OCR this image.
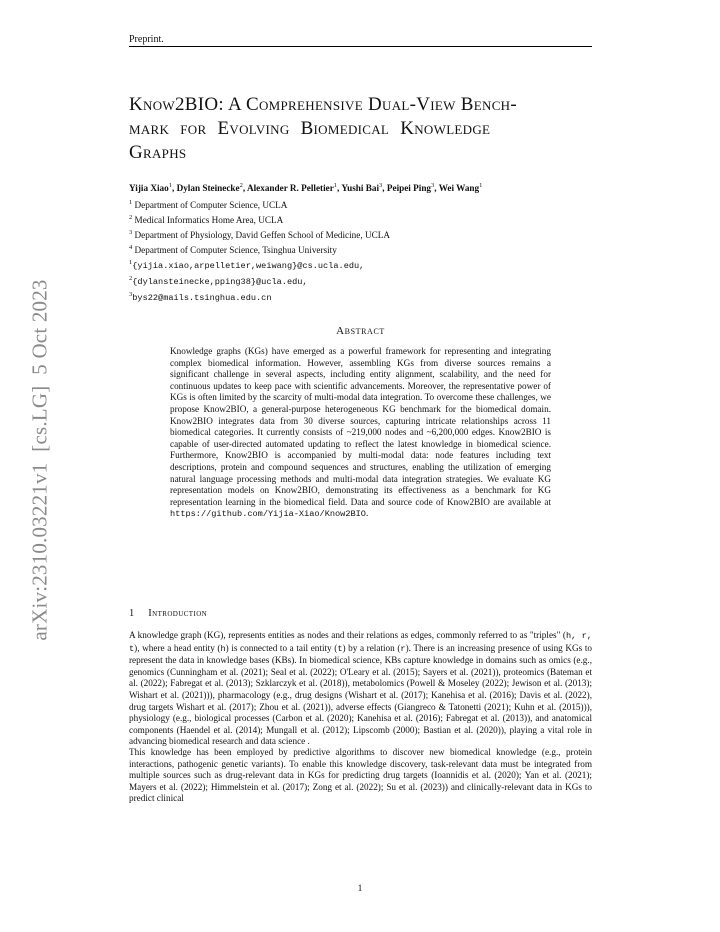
Preprint.
arXiv:2310.03221v1  [cs.LG]  5 Oct 2023
Know2BIO: A Comprehensive Dual-View Bench-
mark for Evolving Biomedical Knowledge
Graphs
Yijia Xiao$^1$, Dylan Steinecke$^2$, Alexander R. Pelletier$^1$, Yushi Bai$^3$, Peipei Ping$^3$, Wei Wang$^1$
$^1$ Department of Computer Science, UCLA
$^2$ Medical Informatics Home Area, UCLA
$^3$ Department of Physiology, David Geffen School of Medicine, UCLA
$^4$ Department of Computer Science, Tsinghua University
$^1${yijia.xiao,arpelletier,weiwang}@cs.ucla.edu,
$^2${dylansteinecke,pping38}@ucla.edu,
$^3$bys22@mails.tsinghua.edu.cn
Abstract
Knowledge graphs (KGs) have emerged as a powerful framework for representing and integrating complex biomedical information. However, assembling KGs from diverse sources remains a significant challenge in several aspects, including entity alignment, scalability, and the need for continuous updates to keep pace with scientific advancements. Moreover, the representative power of KGs is often limited by the scarcity of multi-modal data integration. To overcome these challenges, we propose Know2BIO, a general-purpose heterogeneous KG benchmark for the biomedical domain. Know2BIO integrates data from 30 diverse sources, capturing intricate relationships across 11 biomedical categories. It currently consists of ~219,000 nodes and ~6,200,000 edges. Know2BIO is capable of user-directed automated updating to reflect the latest knowledge in biomedical science. Furthermore, Know2BIO is accompanied by multi-modal data: node features including text descriptions, protein and compound sequences and structures, enabling the utilization of emerging natural language processing methods and multi-modal data integration strategies. We evaluate KG representation models on Know2BIO, demonstrating its effectiveness as a benchmark for KG representation learning in the biomedical field. Data and source code of Know2BIO are available at https://github.com/Yijia-Xiao/Know2BIO.
1 Introduction

A knowledge graph (KG), represents entities as nodes and their relations as edges, commonly referred to as "triples" (h, r, t), where a head entity (h) is connected to a tail entity (t) by a relation (r). There is an increasing presence of using KGs to represent the data in knowledge bases (KBs). In biomedical science, KBs capture knowledge in domains such as omics (e.g., genomics (Cunningham et al. (2021); Seal et al. (2022); O'Leary et al. (2015); Sayers et al. (2021)), proteomics (Bateman et al. (2022); Fabregat et al. (2013); Szklarczyk et al. (2018)), metabolomics (Powell & Moseley (2022); Jewison et al. (2013); Wishart et al. (2021))), pharmacology (e.g., drug designs (Wishart et al. (2017); Kanehisa et al. (2016); Davis et al. (2022), drug targets Wishart et al. (2017); Zhou et al. (2021)), adverse effects (Giangreco & Tatonetti (2021); Kuhn et al. (2015))), physiology (e.g., biological processes (Carbon et al. (2020); Kanehisa et al. (2016); Fabregat et al. (2013)), and anatomical components (Haendel et al. (2014); Mungall et al. (2012); Lipscomb (2000); Bastian et al. (2020)), playing a vital role in advancing biomedical research and data science .

This knowledge has been employed by predictive algorithms to discover new biomedical knowledge (e.g., protein interactions, pathogenic genetic variants). To enable this knowledge discovery, task-relevant data must be integrated from multiple sources such as drug-relevant data in KGs for predicting drug targets (Ioannidis et al. (2020); Yan et al. (2021); Mayers et al. (2022); Himmelstein et al. (2017); Zong et al. (2022); Su et al. (2023)) and clinically-relevant data in KGs to predict clinical

1
